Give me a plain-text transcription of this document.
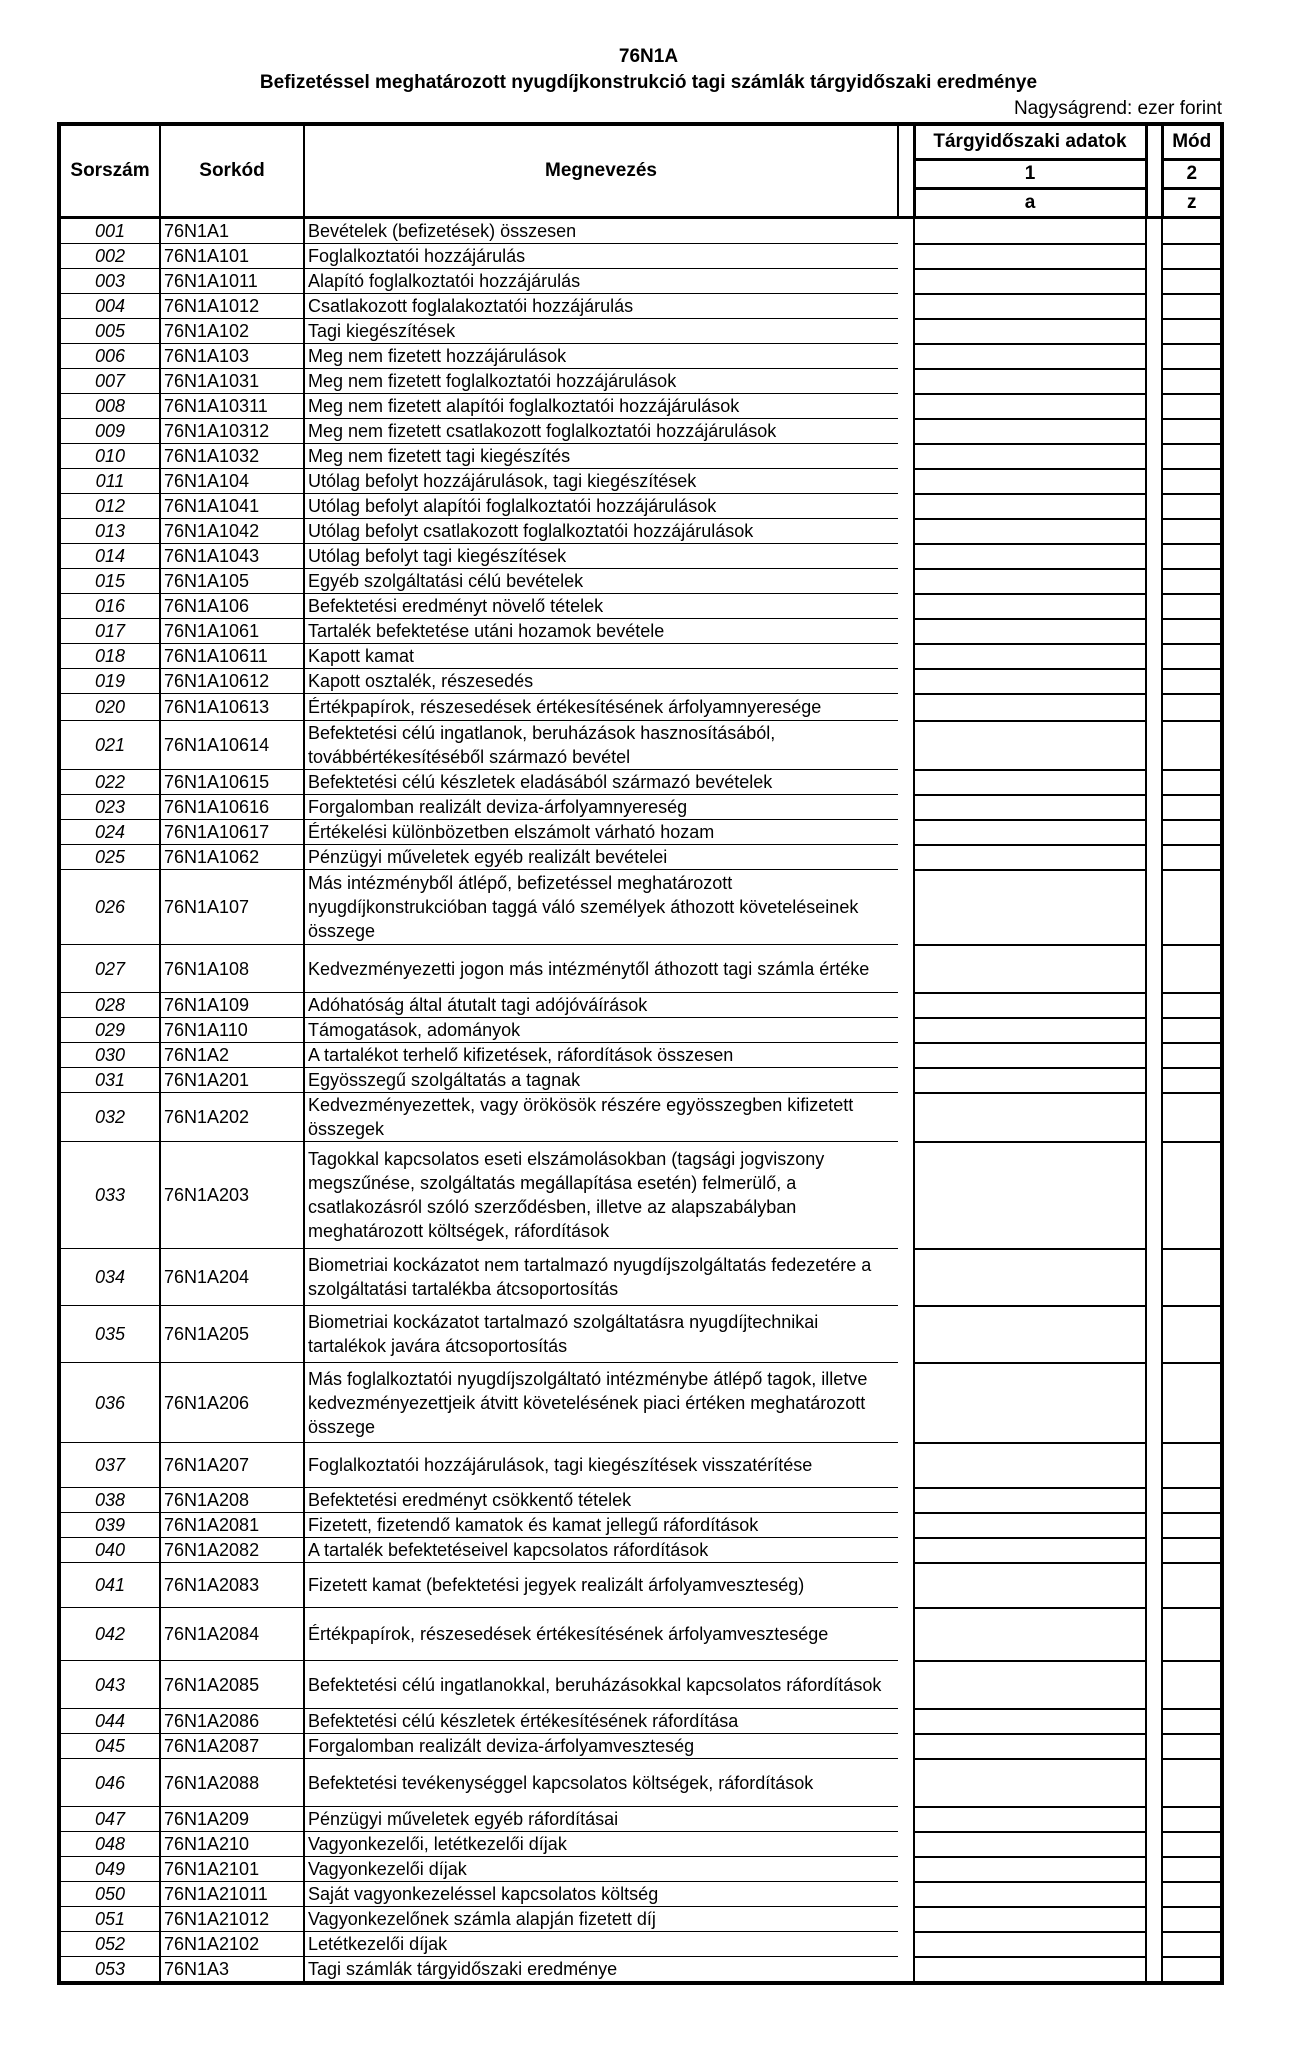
76N1A
Befizetéssel meghatározott nyugdíjkonstrukció tagi számlák tárgyidőszaki eredménye
Nagyságrend: ezer forint
Sorszám	Sorkód	Megnevezés		Tárgyidőszaki adatok		Mód
				1		2
				a		z
001	76N1A1	Bevételek (befizetések) összesen				
002	76N1A101	Foglalkoztatói hozzájárulás				
003	76N1A1011	Alapító foglalkoztatói hozzájárulás				
004	76N1A1012	Csatlakozott foglalakoztatói hozzájárulás				
005	76N1A102	Tagi kiegészítések				
006	76N1A103	Meg nem fizetett hozzájárulások				
007	76N1A1031	Meg nem fizetett foglalkoztatói hozzájárulások				
008	76N1A10311	Meg nem fizetett alapítói foglalkoztatói hozzájárulások				
009	76N1A10312	Meg nem fizetett csatlakozott foglalkoztatói hozzájárulások				
010	76N1A1032	Meg nem fizetett tagi kiegészítés				
011	76N1A104	Utólag befolyt hozzájárulások, tagi kiegészítések				
012	76N1A1041	Utólag befolyt alapítói foglalkoztatói hozzájárulások				
013	76N1A1042	Utólag befolyt csatlakozott foglalkoztatói hozzájárulások				
014	76N1A1043	Utólag befolyt tagi kiegészítések				
015	76N1A105	Egyéb szolgáltatási célú bevételek				
016	76N1A106	Befektetési eredményt növelő tételek				
017	76N1A1061	Tartalék befektetése utáni hozamok bevétele				
018	76N1A10611	Kapott kamat				
019	76N1A10612	Kapott osztalék, részesedés				
020	76N1A10613	Értékpapírok, részesedések értékesítésének árfolyamnyeresége				
021	76N1A10614	Befektetési célú ingatlanok, beruházások hasznosításából, továbbértékesítéséből származó bevétel				
022	76N1A10615	Befektetési célú készletek eladásából származó bevételek				
023	76N1A10616	Forgalomban realizált deviza-árfolyamnyereség				
024	76N1A10617	Értékelési különbözetben elszámolt várható hozam				
025	76N1A1062	Pénzügyi műveletek egyéb realizált bevételei				
026	76N1A107	Más intézményből átlépő, befizetéssel meghatározott nyugdíjkonstrukcióban taggá váló személyek áthozott követeléseinek összege				
027	76N1A108	Kedvezményezetti jogon más intézménytől áthozott tagi számla értéke				
028	76N1A109	Adóhatóság által átutalt tagi adójóváírások				
029	76N1A110	Támogatások, adományok				
030	76N1A2	A tartalékot terhelő kifizetések, ráfordítások összesen				
031	76N1A201	Egyösszegű szolgáltatás a tagnak				
032	76N1A202	Kedvezményezettek, vagy örökösök részére egyösszegben kifizetett összegek				
033	76N1A203	Tagokkal kapcsolatos eseti elszámolásokban (tagsági jogviszony megszűnése, szolgáltatás megállapítása esetén) felmerülő, a csatlakozásról szóló szerződésben, illetve az alapszabályban meghatározott költségek, ráfordítások				
034	76N1A204	Biometriai kockázatot nem tartalmazó nyugdíjszolgáltatás fedezetére a szolgáltatási tartalékba átcsoportosítás				
035	76N1A205	Biometriai kockázatot tartalmazó szolgáltatásra nyugdíjtechnikai tartalékok javára átcsoportosítás				
036	76N1A206	Más foglalkoztatói nyugdíjszolgáltató intézménybe átlépő tagok, illetve kedvezményezettjeik átvitt követelésének piaci értéken meghatározott összege				
037	76N1A207	Foglalkoztatói hozzájárulások, tagi kiegészítések visszatérítése				
038	76N1A208	Befektetési eredményt csökkentő tételek				
039	76N1A2081	Fizetett, fizetendő kamatok és kamat jellegű ráfordítások				
040	76N1A2082	A tartalék befektetéseivel kapcsolatos ráfordítások				
041	76N1A2083	Fizetett kamat (befektetési jegyek realizált árfolyamveszteség)				
042	76N1A2084	Értékpapírok, részesedések értékesítésének árfolyamvesztesége				
043	76N1A2085	Befektetési célú ingatlanokkal, beruházásokkal kapcsolatos ráfordítások				
044	76N1A2086	Befektetési célú készletek értékesítésének ráfordítása				
045	76N1A2087	Forgalomban realizált deviza-árfolyamveszteség				
046	76N1A2088	Befektetési tevékenységgel kapcsolatos költségek, ráfordítások				
047	76N1A209	Pénzügyi műveletek egyéb ráfordításai				
048	76N1A210	Vagyonkezelői, letétkezelői díjak				
049	76N1A2101	Vagyonkezelői díjak				
050	76N1A21011	Saját vagyonkezeléssel kapcsolatos költség				
051	76N1A21012	Vagyonkezelőnek számla alapján fizetett díj				
052	76N1A2102	Letétkezelői díjak				
053	76N1A3	Tagi számlák tárgyidőszaki eredménye				
